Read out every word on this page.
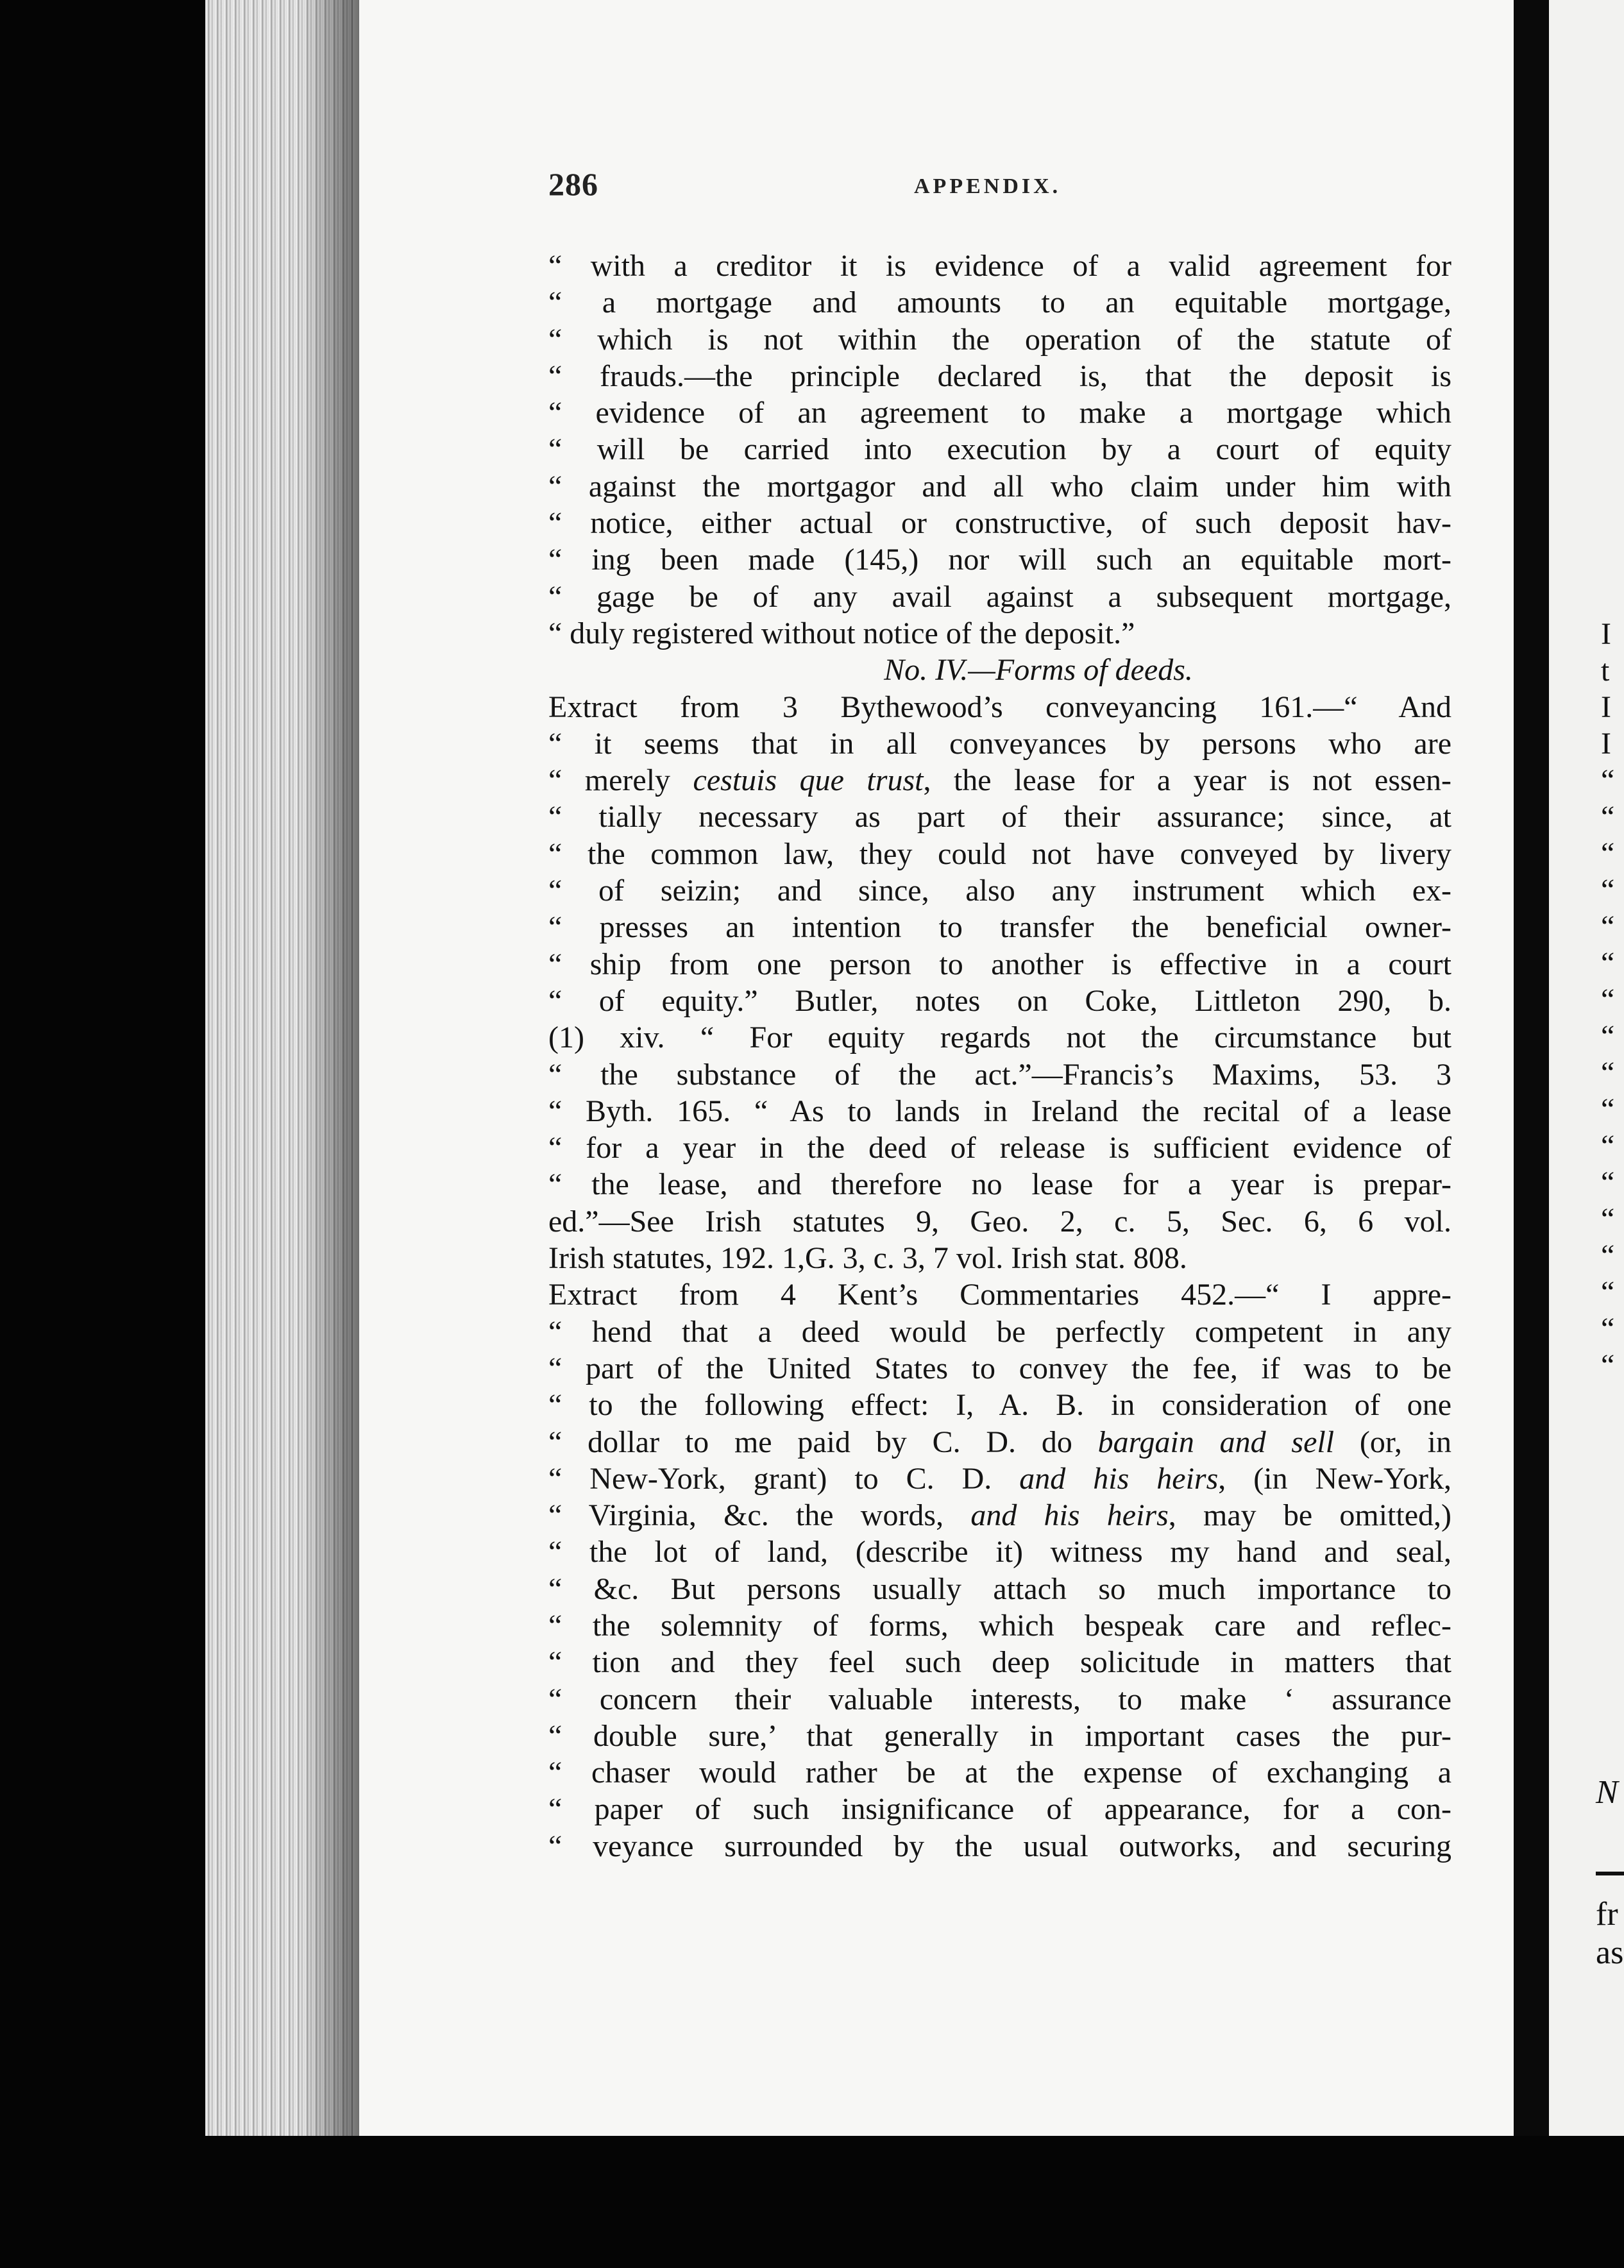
286	APPENDIX.
“ with a creditor it is evidence of a valid agreement for
“ a mortgage and amounts to an equitable mortgage,
“ which is not within the operation of the statute of
“ frauds.—the principle declared is, that the deposit is
“ evidence of an agreement to make a mortgage which
“ will be carried into execution by a court of equity
“ against the mortgagor and all who claim under him with
“ notice, either actual or constructive, of such deposit hav-
“ ing been made (145,) nor will such an equitable mort-
“ gage be of any avail against a subsequent mortgage,
“ duly registered without notice of the deposit.”
No. IV.—Forms of deeds.
Extract from 3 Bythewood’s conveyancing 161.—“ And
“ it seems that in all conveyances by persons who are
“ merely cestuis que trust, the lease for a year is not essen-
“ tially necessary as part of their assurance; since, at
“ the common law, they could not have conveyed by livery
“ of seizin; and since, also any instrument which ex-
“ presses an intention to transfer the beneficial owner-
“ ship from one person to another is effective in a court
“ of equity.” Butler, notes on Coke, Littleton 290, b.
(1) xiv. “ For equity regards not the circumstance but
“ the substance of the act.”—Francis’s Maxims, 53. 3
“ Byth. 165. “ As to lands in Ireland the recital of a lease
“ for a year in the deed of release is sufficient evidence of
“ the lease, and therefore no lease for a year is prepar-
ed.”—See Irish statutes 9, Geo. 2, c. 5, Sec. 6, 6 vol.
Irish statutes, 192. 1,G. 3, c. 3, 7 vol. Irish stat. 808.
Extract from 4 Kent’s Commentaries 452.—“ I appre-
“ hend that a deed would be perfectly competent in any
“ part of the United States to convey the fee, if was to be
“ to the following effect: I, A. B. in consideration of one
“ dollar to me paid by C. D. do bargain and sell (or, in
“ New-York, grant) to C. D. and his heirs, (in New-York,
“ Virginia, &c. the words, and his heirs, may be omitted,)
“ the lot of land, (describe it) witness my hand and seal,
“ &c. But persons usually attach so much importance to
“ the solemnity of forms, which bespeak care and reflec-
“ tion and they feel such deep solicitude in matters that
“ concern their valuable interests, to make ‘ assurance
“ double sure,’ that generally in important cases the pur-
“ chaser would rather be at the expense of exchanging a
“ paper of such insignificance of appearance, for a con-
“ veyance surrounded by the usual outworks, and securing
I
t
I
I
“
“
“
“
“
“
“
“
“
“
“
“
“
“
“
“
“
N
fr
as
